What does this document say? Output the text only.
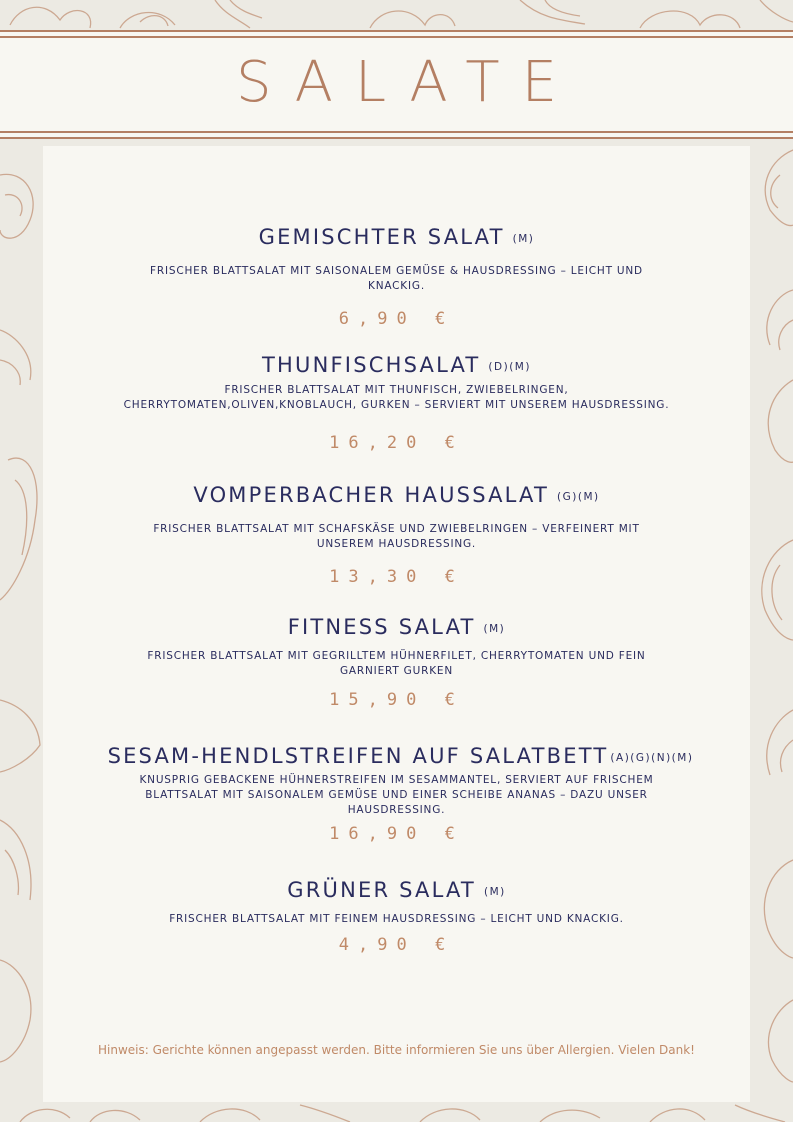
SALATE
GEMISCHTER SALAT (M)
FRISCHER BLATTSALAT MIT SAISONALEM GEMÜSE & HAUSDRESSING – LEICHT UND KNACKIG.
6,90 €
THUNFISCHSALAT (D)(M)
FRISCHER BLATTSALAT MIT THUNFISCH, ZWIEBELRINGEN, CHERRYTOMATEN,OLIVEN,KNOBLAUCH, GURKEN – SERVIERT MIT UNSEREM HAUSDRESSING.
16,20 €
VOMPERBACHER HAUSSALAT (G)(M)
FRISCHER BLATTSALAT MIT SCHAFSKÄSE UND ZWIEBELRINGEN – VERFEINERT MIT UNSEREM HAUSDRESSING.
13,30 €
FITNESS SALAT (M)
FRISCHER BLATTSALAT MIT GEGRILLTEM HÜHNERFILET, CHERRYTOMATEN UND FEIN GARNIERT GURKEN
15,90 €
SESAM-HENDLSTREIFEN AUF SALATBETT (A)(G)(N)(M)
KNUSPRIG GEBACKENE HÜHNERSTREIFEN IM SESAMMANTEL, SERVIERT AUF FRISCHEM BLATTSALAT MIT SAISONALEM GEMÜSE UND EINER SCHEIBE ANANAS – DAZU UNSER HAUSDRESSING.
16,90 €
GRÜNER SALAT (M)
FRISCHER BLATTSALAT MIT FEINEM HAUSDRESSING – LEICHT UND KNACKIG.
4,90 €
Hinweis: Gerichte können angepasst werden. Bitte informieren Sie uns über Allergien. Vielen Dank!
